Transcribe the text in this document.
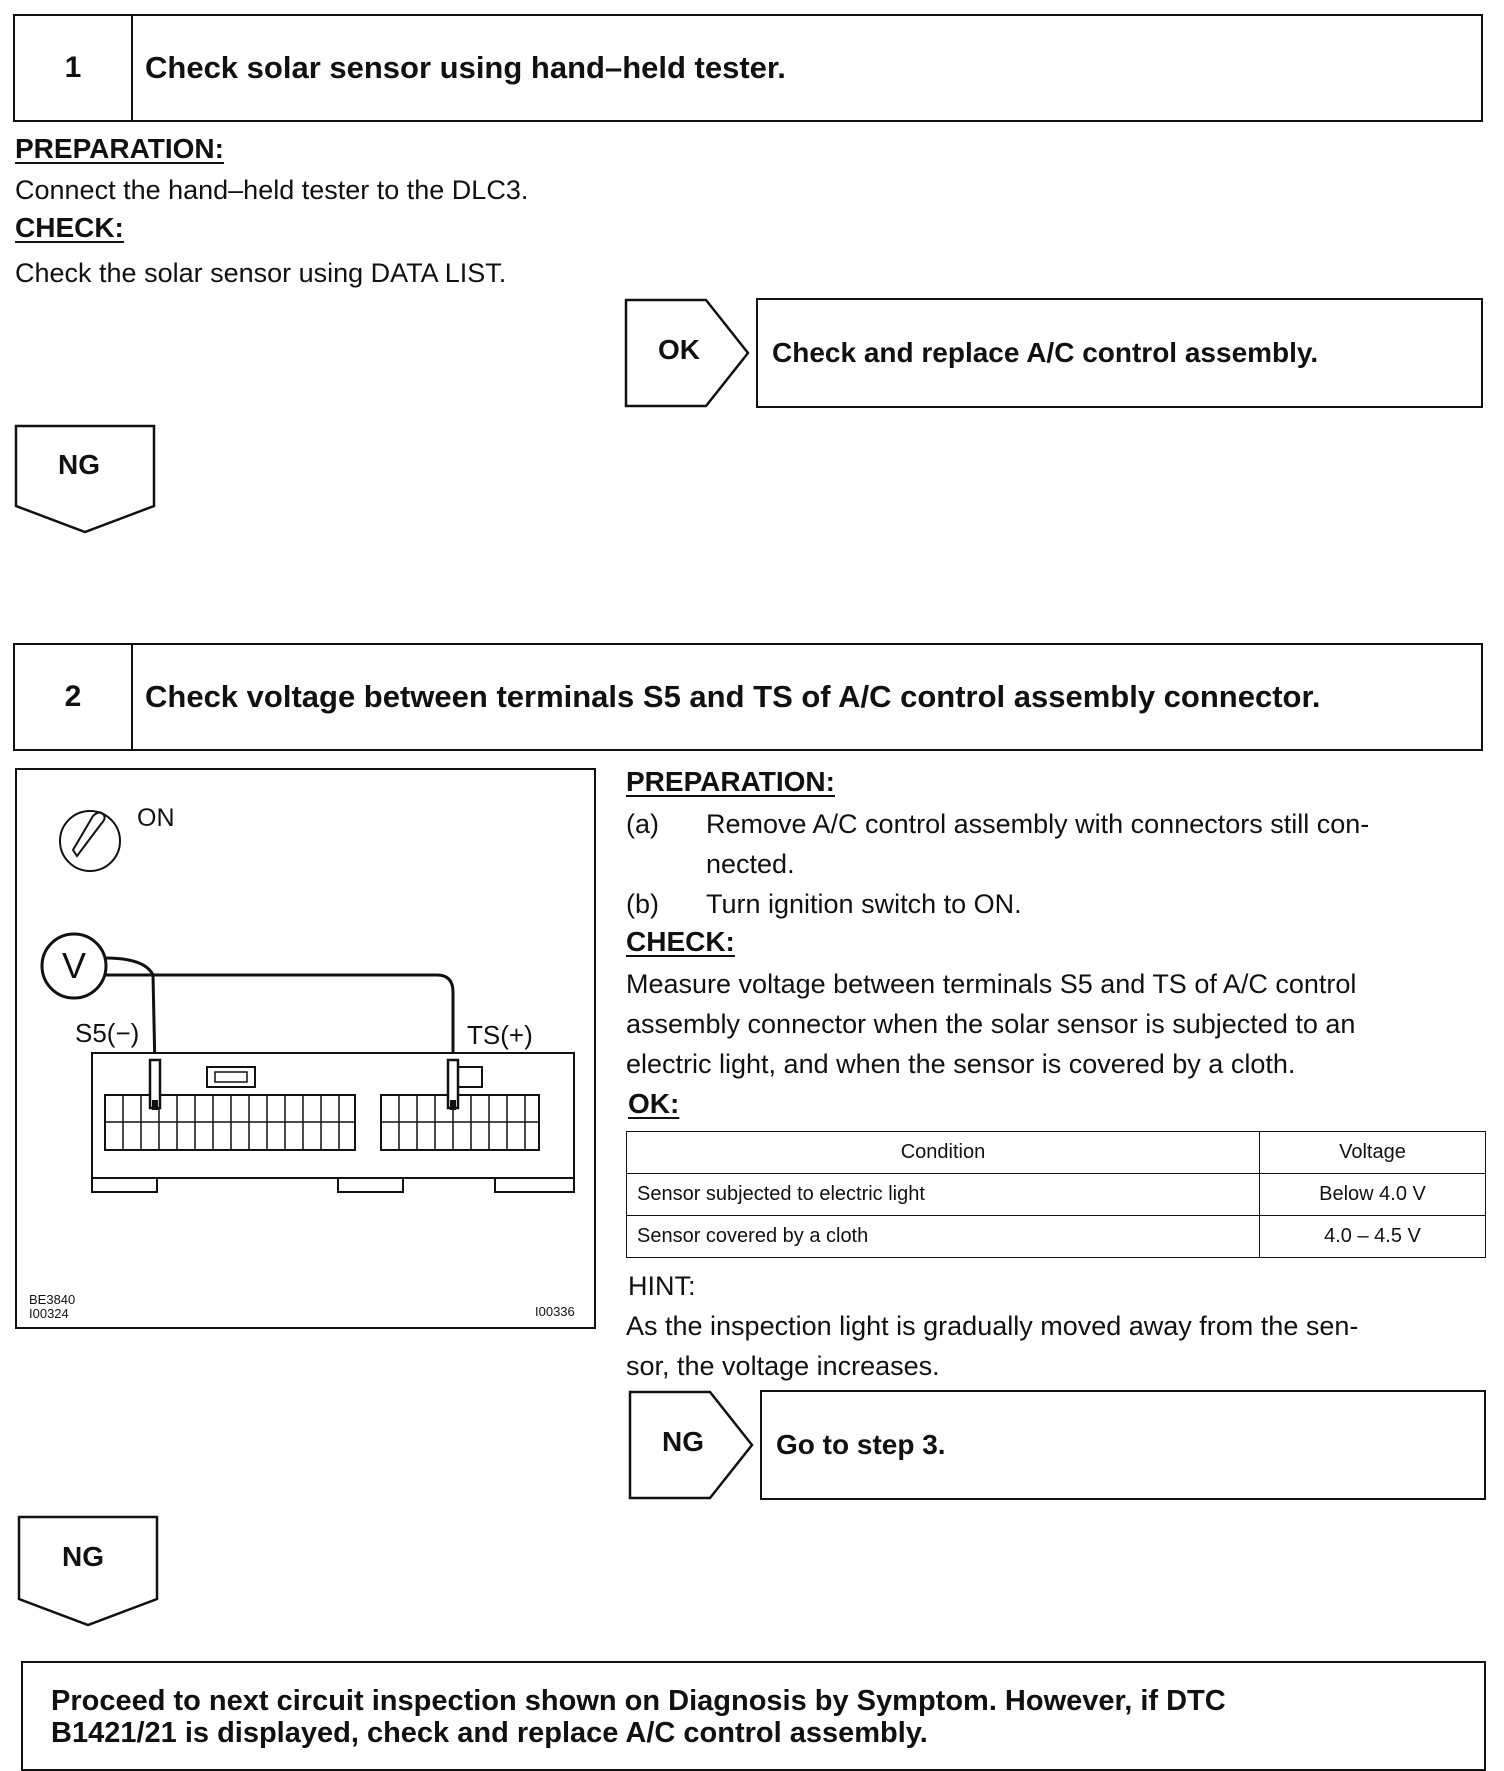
1	Check solar sensor using hand–held tester.
PREPARATION:
Connect the hand–held tester to the DLC3.
CHECK:
Check the solar sensor using DATA LIST.
OK	Check and replace A/C control assembly.
NG
2	Check voltage between terminals S5 and TS of A/C control assembly connector.
ON
V
S5(−)	TS(+)
BE3840
I00324	I00336
PREPARATION:
(a) Remove A/C control assembly with connectors still con-
nected.
(b) Turn ignition switch to ON.
CHECK:
Measure voltage between terminals S5 and TS of A/C control
assembly connector when the solar sensor is subjected to an
electric light, and when the sensor is covered by a cloth.
OK:
Condition	Voltage
Sensor subjected to electric light	Below 4.0 V
Sensor covered by a cloth	4.0 – 4.5 V
HINT:
As the inspection light is gradually moved away from the sen-
sor, the voltage increases.
NG	Go to step 3.
NG
Proceed to next circuit inspection shown on Diagnosis by Symptom. However, if DTC
B1421/21 is displayed, check and replace A/C control assembly.
